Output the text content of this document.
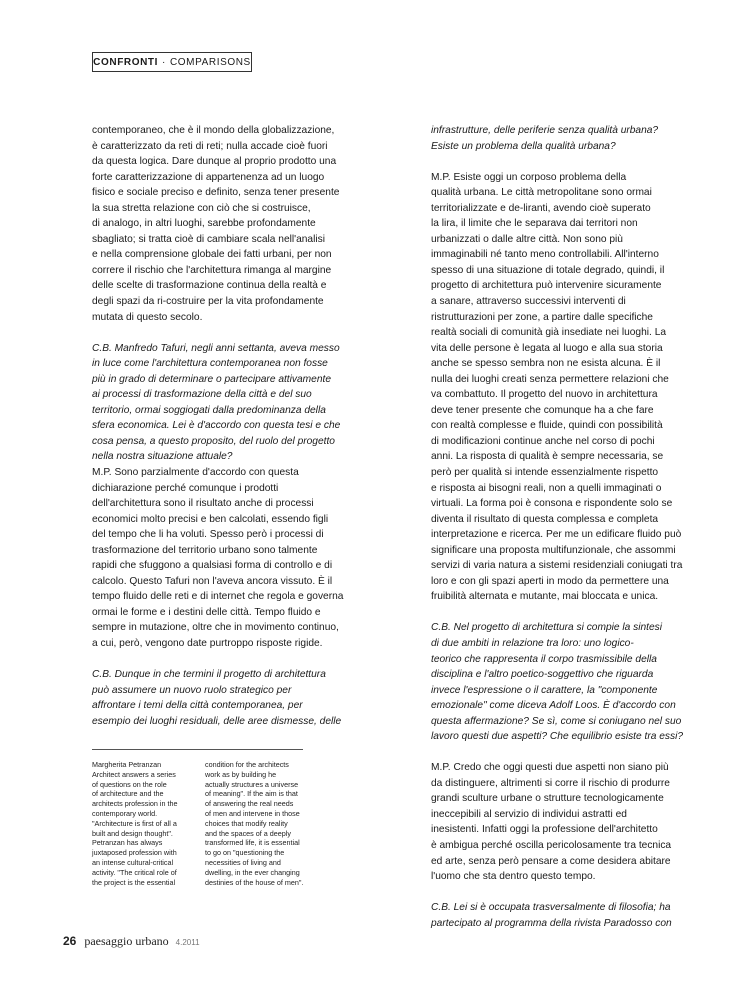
CONFRONTI · COMPARISONS

contemporaneo, che è il mondo della globalizzazione,
è caratterizzato da reti di reti; nulla accade cioè fuori
da questa logica. Dare dunque al proprio prodotto una
forte caratterizzazione di appartenenza ad un luogo
fisico e sociale preciso e definito, senza tener presente
la sua stretta relazione con ciò che si costruisce,
di analogo, in altri luoghi, sarebbe profondamente
sbagliato; si tratta cioè di cambiare scala nell'analisi
e nella comprensione globale dei fatti urbani, per non
correre il rischio che l'architettura rimanga al margine
delle scelte di trasformazione continua della realtà e
degli spazi da ri-costruire per la vita profondamente
mutata di questo secolo.

C.B. Manfredo Tafuri, negli anni settanta, aveva messo
in luce come l'architettura contemporanea non fosse
più in grado di determinare o partecipare attivamente
ai processi di trasformazione della città e del suo
territorio, ormai soggiogati dalla predominanza della
sfera economica. Lei è d'accordo con questa tesi e che
cosa pensa, a questo proposito, del ruolo del progetto
nella nostra situazione attuale?

M.P. Sono parzialmente d'accordo con questa
dichiarazione perché comunque i prodotti
dell'architettura sono il risultato anche di processi
economici molto precisi e ben calcolati, essendo figli
del tempo che li ha voluti. Spesso però i processi di
trasformazione del territorio urbano sono talmente
rapidi che sfuggono a qualsiasi forma di controllo e di
calcolo. Questo Tafuri non l'aveva ancora vissuto. È il
tempo fluido delle reti e di internet che regola e governa
ormai le forme e i destini delle città. Tempo fluido e
sempre in mutazione, oltre che in movimento continuo,
a cui, però, vengono date purtroppo risposte rigide.

C.B. Dunque in che termini il progetto di architettura
può assumere un nuovo ruolo strategico per
affrontare i temi della città contemporanea, per
esempio dei luoghi residuali, delle aree dismesse, delle

infrastrutture, delle periferie senza qualità urbana?
Esiste un problema della qualità urbana?

M.P. Esiste oggi un corposo problema della
qualità urbana. Le città metropolitane sono ormai
territorializzate e de-liranti, avendo cioè superato
la lira, il limite che le separava dai territori non
urbanizzati o dalle altre città. Non sono più
immaginabili né tanto meno controllabili. All'interno
spesso di una situazione di totale degrado, quindi, il
progetto di architettura può intervenire sicuramente
a sanare, attraverso successivi interventi di
ristrutturazioni per zone, a partire dalle specifiche
realtà sociali di comunità già insediate nei luoghi. La
vita delle persone è legata al luogo e alla sua storia
anche se spesso sembra non ne esista alcuna. È il
nulla dei luoghi creati senza permettere relazioni che
va combattuto. Il progetto del nuovo in architettura
deve tener presente che comunque ha a che fare
con realtà complesse e fluide, quindi con possibilità
di modificazioni continue anche nel corso di pochi
anni. La risposta di qualità è sempre necessaria, se
però per qualità si intende essenzialmente rispetto
e risposta ai bisogni reali, non a quelli immaginati o
virtuali. La forma poi è consona e rispondente solo se
diventa il risultato di questa complessa e completa
interpretazione e ricerca. Per me un edificare fluido può
significare una proposta multifunzionale, che assommi
servizi di varia natura a sistemi residenziali coniugati tra
loro e con gli spazi aperti in modo da permettere una
fruibilità alternata e mutante, mai bloccata e unica.

C.B. Nel progetto di architettura si compie la sintesi
di due ambiti in relazione tra loro: uno logico-
teorico che rappresenta il corpo trasmissibile della
disciplina e l'altro poetico-soggettivo che riguarda
invece l'espressione o il carattere, la "componente
emozionale" come diceva Adolf Loos. È d'accordo con
questa affermazione? Se sì, come si coniugano nel suo
lavoro questi due aspetti? Che equilibrio esiste tra essi?

M.P. Credo che oggi questi due aspetti non siano più
da distinguere, altrimenti si corre il rischio di produrre
grandi sculture urbane o strutture tecnologicamente
ineccepibili al servizio di individui astratti ed
inesistenti. Infatti oggi la professione dell'architetto
è ambigua perché oscilla pericolosamente tra tecnica
ed arte, senza però pensare a come desidera abitare
l'uomo che sta dentro questo tempo.

C.B. Lei si è occupata trasversalmente di filosofia; ha
partecipato al programma della rivista Paradosso con

Margherita Petranzan
Architect answers a series
of questions on the role
of architecture and the
architects profession in the
contemporary world.
"Architecture is first of all a
built and design thought".
Petranzan has always
juxtaposed profession with
an intense cultural-critical
activity. "The critical role of
the project is the essential
condition for the architects
work as by building he
actually structures a universe
of meaning". If the aim is that
of answering the real needs
of men and intervene in those
choices that modify reality
and the spaces of a deeply
transformed life, it is essential
to go on "questioning the
necessities of living and
dwelling, in the ever changing
destinies of the house of men".
26 paesaggio urbano 4.2011
